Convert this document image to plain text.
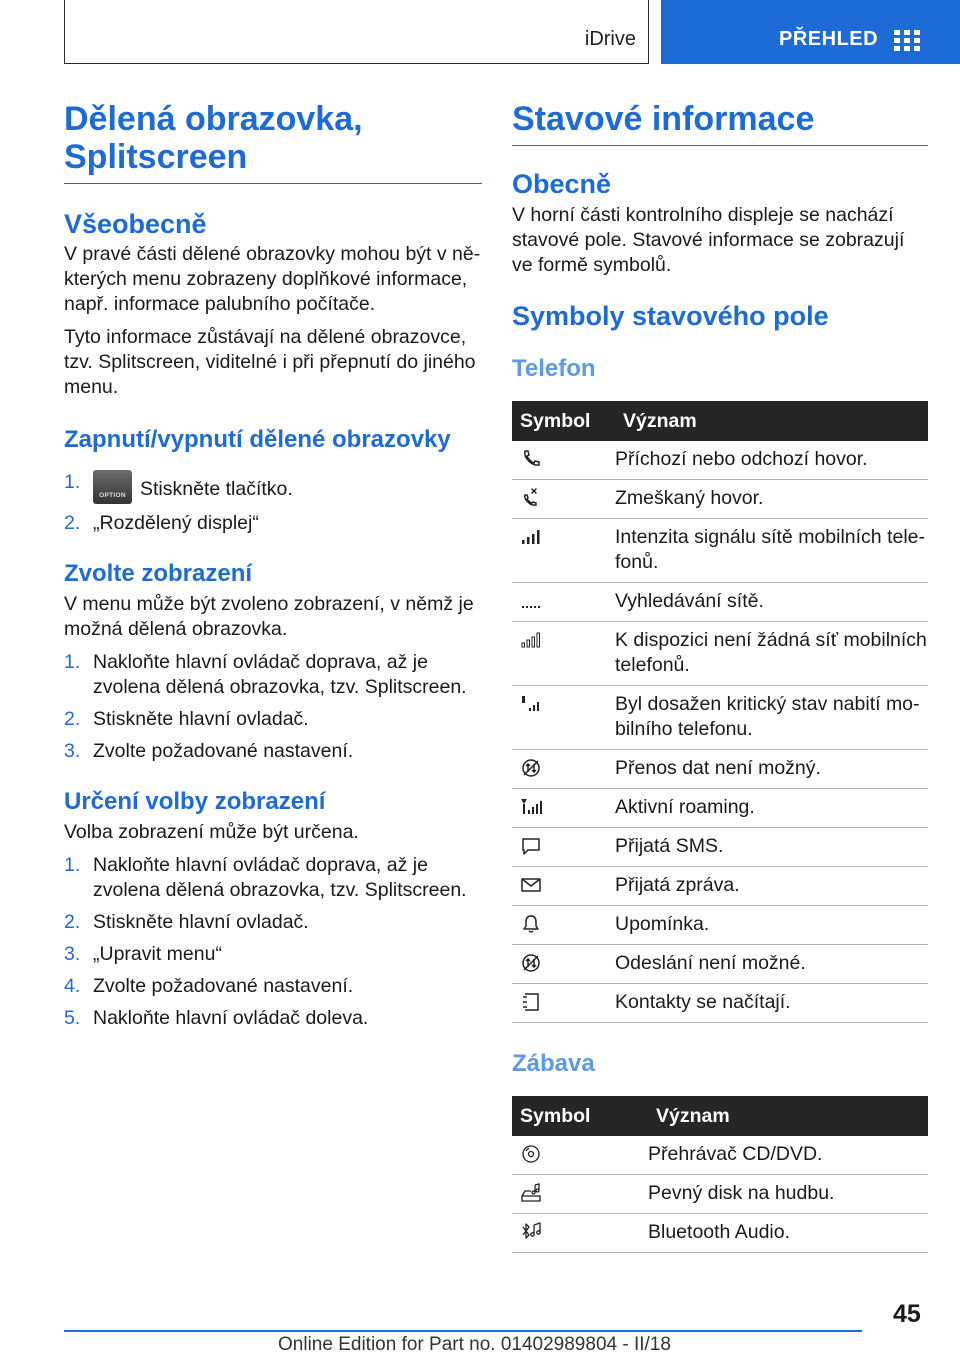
iDrive	PŘEHLED
Dělená obrazovka, Splitscreen
Všeobecně

V pravé části dělené obrazovky mohou být v některých menu zobrazeny doplňkové informace, např. informace palubního počítače.

Tyto informace zůstávají na dělené obrazovce, tzv. Splitscreen, viditelné i při přepnutí do jiného menu.

Zapnutí/vypnutí dělené obrazovky
1.
OPTION Stiskněte tlačítko.
2. „Rozdělený displej“
Zvolte zobrazení

V menu může být zvoleno zobrazení, v němž je možná dělená obrazovka.

1. Nakloňte hlavní ovládač doprava, až je zvolena dělená obrazovka, tzv. Splitscreen.
2. Stiskněte hlavní ovladač.
3. Zvolte požadované nastavení.
Určení volby zobrazení

Volba zobrazení může být určena.

1. Nakloňte hlavní ovládač doprava, až je zvolena dělená obrazovka, tzv. Splitscreen.
2. Stiskněte hlavní ovladač.
3. „Upravit menu“
4. Zvolte požadované nastavení.
5. Nakloňte hlavní ovládač doleva.
Stavové informace
Obecně

V horní části kontrolního displeje se nachází stavové pole. Stavové informace se zobrazují ve formě symbolů.

Symboly stavového pole
Telefon
Symbol	Význam

	Příchozí nebo odchozí hovor.

	Zmeškaný hovor.

	Intenzita signálu sítě mobilních telefonů.

	Vyhledávání sítě.

	K dispozici není žádná síť mobilních telefonů.

	Byl dosažen kritický stav nabití mobilního telefonu.

	Přenos dat není možný.

	Aktivní roaming.

	Přijatá SMS.

	Přijatá zpráva.

	Upomínka.

	Odeslání není možné.

	Kontakty se načítají.
Zábava
Symbol	Význam

	Přehrávač CD/DVD.

	Pevný disk na hudbu.

	Bluetooth Audio.
45
Online Edition for Part no. 01402989804 - II/18
